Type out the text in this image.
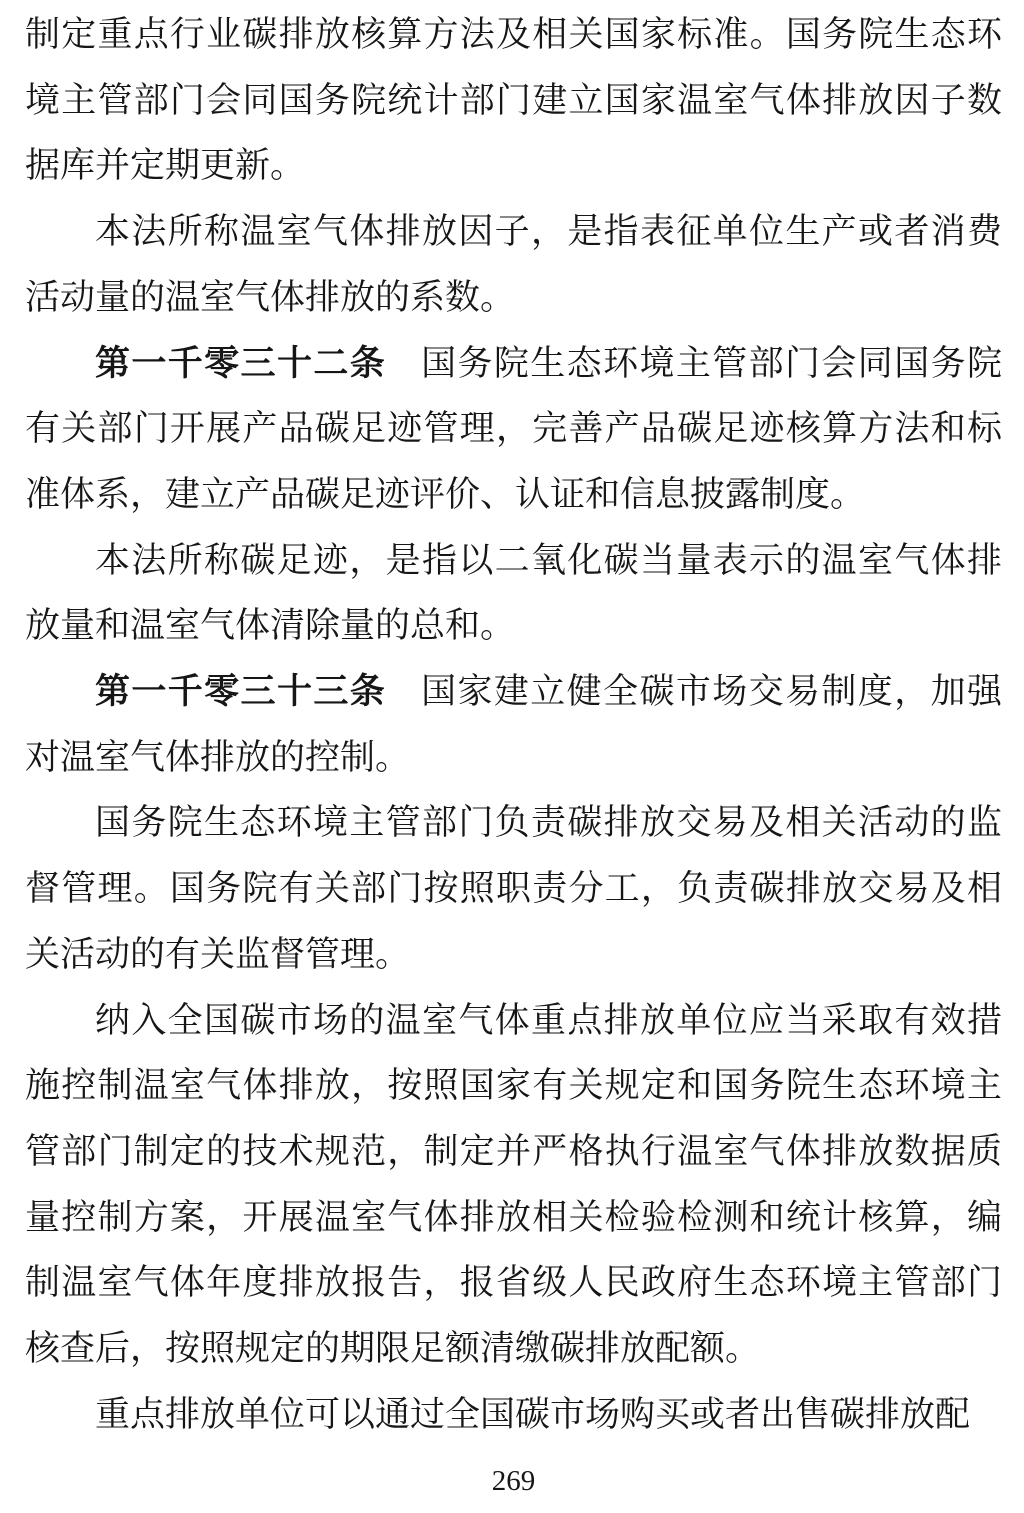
制定重点行业碳排放核算方法及相关国家标准。国务院生态环境主管部门会同国务院统计部门建立国家温室气体排放因子数据库并定期更新。

本法所称温室气体排放因子，是指表征单位生产或者消费活动量的温室气体排放的系数。

第一千零三十二条 国务院生态环境主管部门会同国务院有关部门开展产品碳足迹管理，完善产品碳足迹核算方法和标准体系，建立产品碳足迹评价、认证和信息披露制度。

本法所称碳足迹，是指以二氧化碳当量表示的温室气体排放量和温室气体清除量的总和。

第一千零三十三条 国家建立健全碳市场交易制度，加强对温室气体排放的控制。

国务院生态环境主管部门负责碳排放交易及相关活动的监督管理。国务院有关部门按照职责分工，负责碳排放交易及相关活动的有关监督管理。

纳入全国碳市场的温室气体重点排放单位应当采取有效措施控制温室气体排放，按照国家有关规定和国务院生态环境主管部门制定的技术规范，制定并严格执行温室气体排放数据质量控制方案，开展温室气体排放相关检验检测和统计核算，编制温室气体年度排放报告，报省级人民政府生态环境主管部门核查后，按照规定的期限足额清缴碳排放配额。

重点排放单位可以通过全国碳市场购买或者出售碳排放配

269
